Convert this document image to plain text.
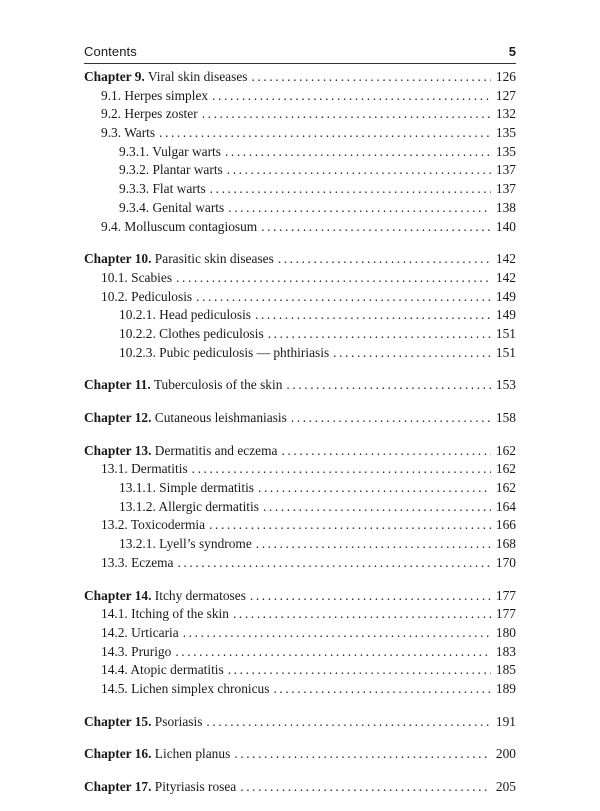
Contents	5
Chapter 9. Viral skin diseases .....	126
9.1. Herpes simplex .....	127
9.2. Herpes zoster .....	132
9.3. Warts .....	135
9.3.1. Vulgar warts .....	135
9.3.2. Plantar warts .....	137
9.3.3. Flat warts .....	137
9.3.4. Genital warts .....	138
9.4. Molluscum contagiosum .....	140
Chapter 10. Parasitic skin diseases .....	142
10.1. Scabies .....	142
10.2. Pediculosis .....	149
10.2.1. Head pediculosis .....	149
10.2.2. Clothes pediculosis .....	151
10.2.3. Pubic pediculosis — phthiriasis .....	151
Chapter 11. Tuberculosis of the skin .....	153
Chapter 12. Cutaneous leishmaniasis .....	158
Chapter 13. Dermatitis and eczema .....	162
13.1. Dermatitis .....	162
13.1.1. Simple dermatitis .....	162
13.1.2. Allergic dermatitis .....	164
13.2. Toxicodermia .....	166
13.2.1. Lyell’s syndrome .....	168
13.3. Eczema .....	170
Chapter 14. Itchy dermatoses .....	177
14.1. Itching of the skin .....	177
14.2. Urticaria .....	180
14.3. Prurigo .....	183
14.4. Atopic dermatitis .....	185
14.5. Lichen simplex chronicus .....	189
Chapter 15. Psoriasis .....	191
Chapter 16. Lichen planus .....	200
Chapter 17. Pityriasis rosea .....	205
